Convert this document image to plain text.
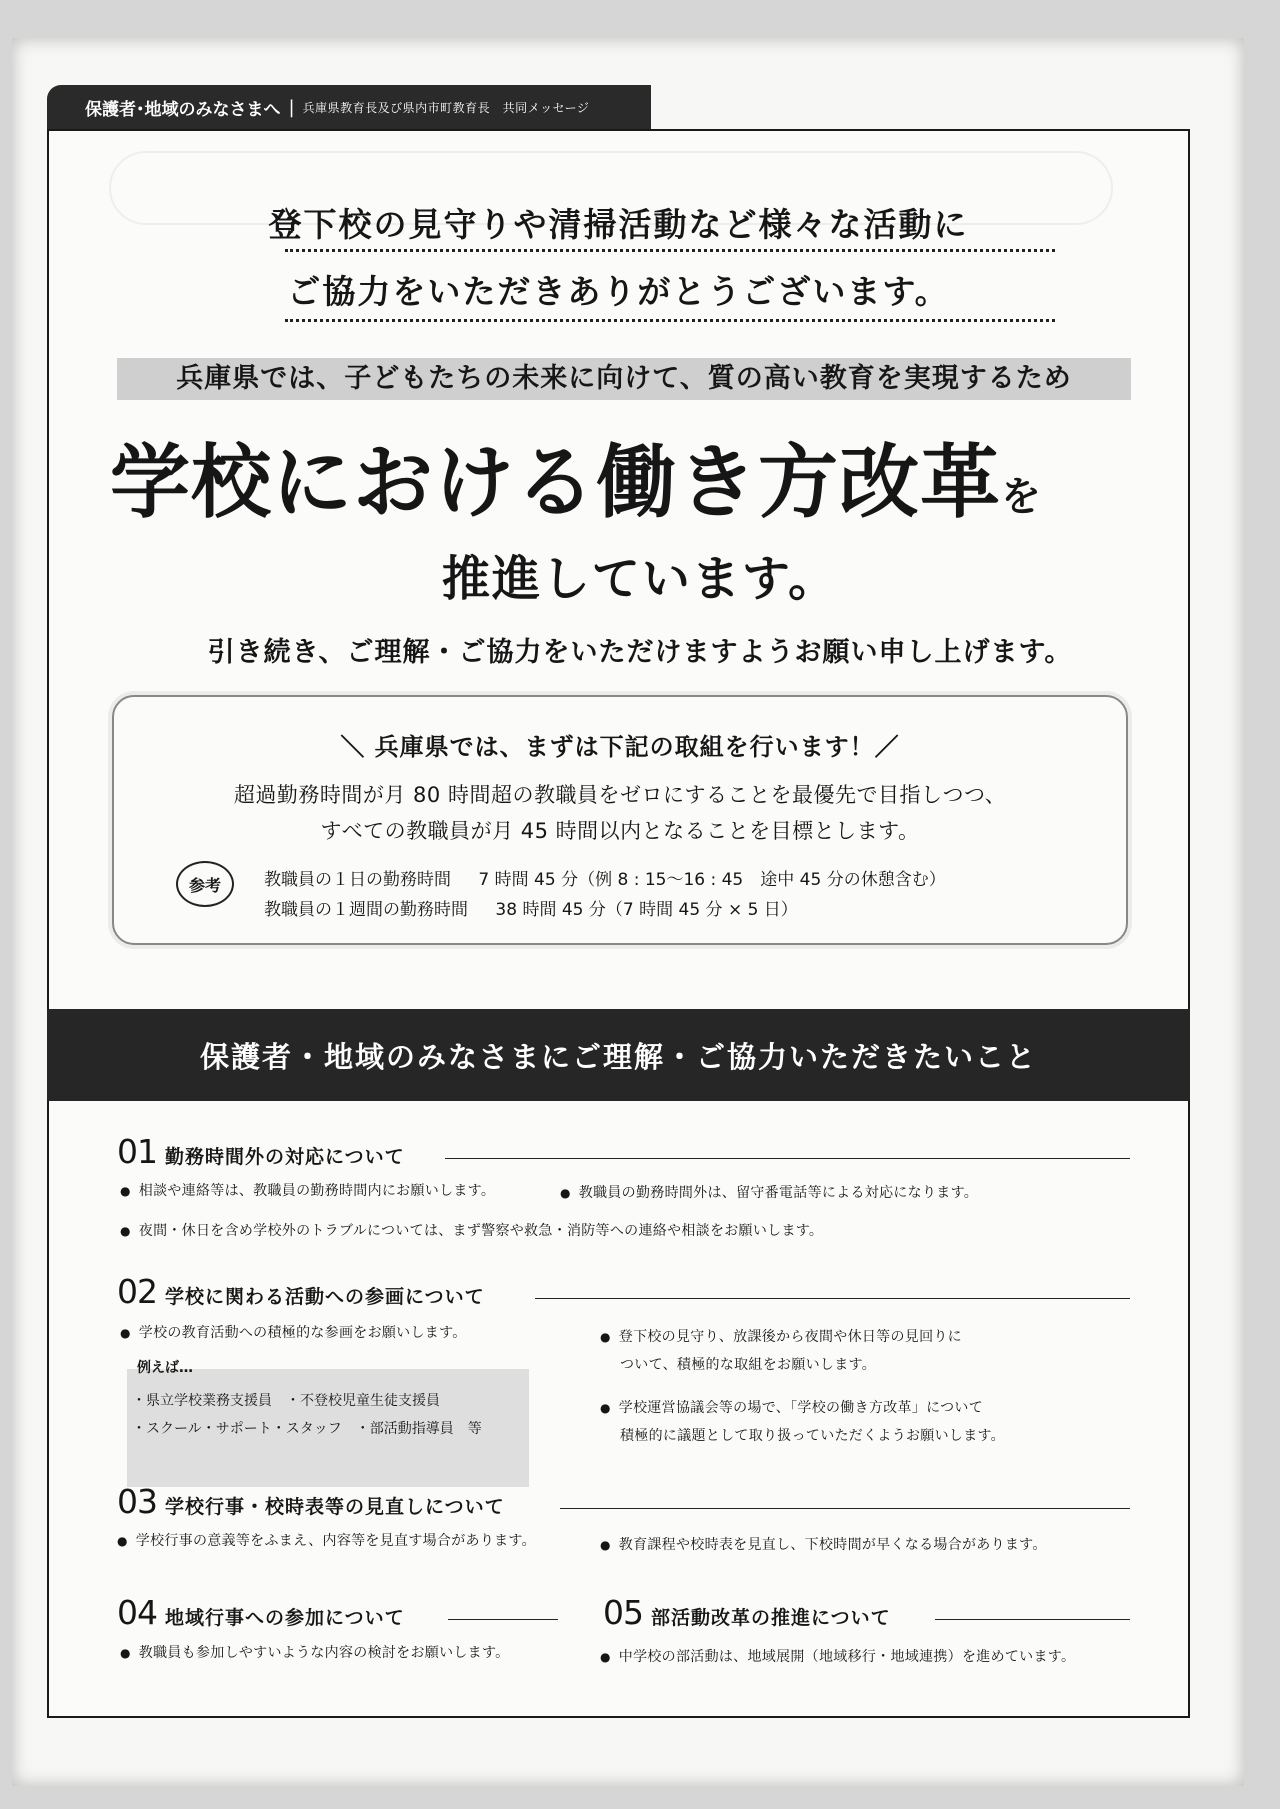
保護者･地域のみなさまへ | 兵庫県教育長及び県内市町教育長　共同メッセージ
登下校の見守りや清掃活動など様々な活動に
ご協力をいただきありがとうございます。
兵庫県では、子どもたちの未来に向けて、質の高い教育を実現するため
学校における働き方改革を
推進しています。
引き続き、ご理解・ご協力をいただけますようお願い申し上げます。
＼ 兵庫県では、まずは下記の取組を行います！／
超過勤務時間が月 80 時間超の教職員をゼロにすることを最優先で目指しつつ、
すべての教職員が月 45 時間以内となることを目標とします。
参考	教職員の１日の勤務時間 7 時間 45 分（例 8 : 15～16 : 45　途中 45 分の休憩含む）
教職員の１週間の勤務時間 38 時間 45 分（7 時間 45 分 × 5 日）
保護者・地域のみなさまにご理解・ご協力いただきたいこと
01 勤務時間外の対応について
● 相談や連絡等は、教職員の勤務時間内にお願いします。	● 教職員の勤務時間外は、留守番電話等による対応になります。
● 夜間・休日を含め学校外のトラブルについては、まず警察や救急・消防等への連絡や相談をお願いします。
02 学校に関わる活動への参画について
● 学校の教育活動への積極的な参画をお願いします。	● 登下校の見守り、放課後から夜間や休日等の見回りに
ついて、積極的な取組をお願いします。
● 学校運営協議会等の場で、「学校の働き方改革」について
積極的に議題として取り扱っていただくようお願いします。
例えば…
・県立学校業務支援員　・不登校児童生徒支援員
・スクール・サポート・スタッフ　・部活動指導員　等
03 学校行事・校時表等の見直しについて
● 学校行事の意義等をふまえ、内容等を見直す場合があります。	● 教育課程や校時表を見直し、下校時間が早くなる場合があります。
04 地域行事への参加について
● 教職員も参加しやすいような内容の検討をお願いします。
05 部活動改革の推進について
● 中学校の部活動は、地域展開（地域移行・地域連携）を進めています。
